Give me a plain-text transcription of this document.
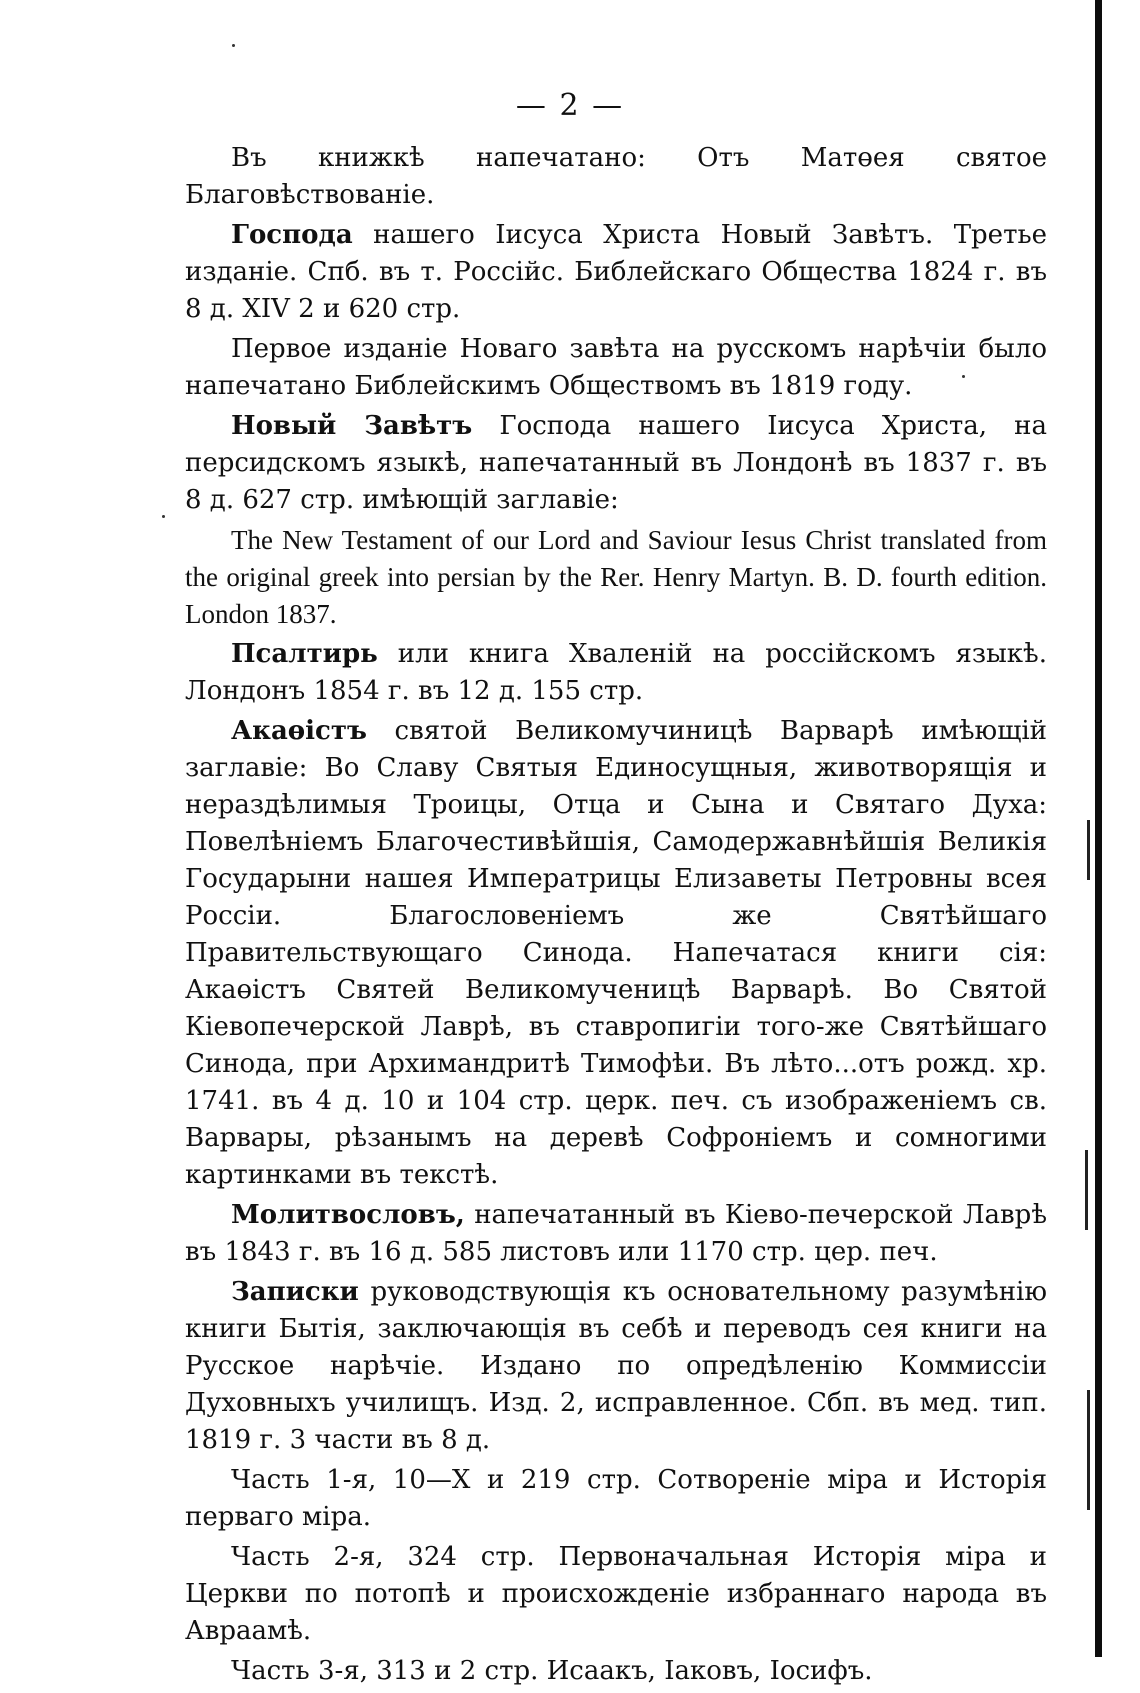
— 2 —

Въ книжкѣ напечатано: Отъ Матөея святое Благовѣствованіе.

Госпoда нашего Іисуса Христа Новый Завѣтъ. Третье изданіе. Спб. въ т. Россійс. Библейскаго Общества 1824 г. въ 8 д. XIV 2 и 620 стр.

Первое изданіе Новаго завѣта на русскомъ нарѣчіи было напечатано Библейскимъ Обществомъ въ 1819 году.

Новый Завѣтъ Господа нашего Іисуса Христа, на персидскомъ языкѣ, напечатанный въ Лондонѣ въ 1837 г. въ 8 д. 627 стр. имѣющій заглавіе:

The New Testament of our Lord and Saviour Iesus Christ translated from the original greek into persian by the Rer. Henry Martyn. B. D. fourth edition. London 1837.

Псалтирь или книга Хваленій на россійскомъ языкѣ. Лондонъ 1854 г. въ 12 д. 155 стр.

Акаөістъ святой Великомучиницѣ Варварѣ имѣющій заглавіе: Во Славу Святыя Единосущныя, животворящія и нераздѣлимыя Троицы, Отца и Сына и Святаго Духа: Повелѣніемъ Благочестивѣйшія, Самодержавнѣйшія Великія Государыни нашея Императрицы Елизаветы Петровны всея Россіи. Благословеніемъ же Святѣйшаго Правительствующаго Синода. Напечатася книги сія: Акаөістъ Святей Великомученицѣ Варварѣ. Во Святой Кіевопечерской Лаврѣ, въ ставропигіи того-же Святѣйшаго Синода, при Архимандритѣ Тимофѣи. Въ лѣто...отъ рожд. хр. 1741. въ 4 д. 10 и 104 стр. церк. печ. съ изображеніемъ св. Варвары, рѣзанымъ на деревѣ Софроніемъ и сомногими картинками въ текстѣ.

Молитвословъ, напечатанный въ Кіево-печерской Лаврѣ въ 1843 г. въ 16 д. 585 листовъ или 1170 стр. цер. печ.

Записки руководствующія къ основательному разумѣнію книги Бытія, заключающія въ себѣ и переводъ сея книги на Русское нарѣчіе. Издано по опредѣленію Коммиссіи Духовныхъ училищъ. Изд. 2, исправленное. Сбп. въ мед. тип. 1819 г. 3 части въ 8 д.

Часть 1-я, 10—X и 219 стр. Сотвореніе міра и Исторія перваго міра.

Часть 2-я, 324 стр. Первоначальная Исторія міра и Церкви по потопѣ и происхожденіе избраннаго народа въ Авраамѣ.

Часть 3-я, 313 и 2 стр. Исаакъ, Іаковъ, Іосифъ.
